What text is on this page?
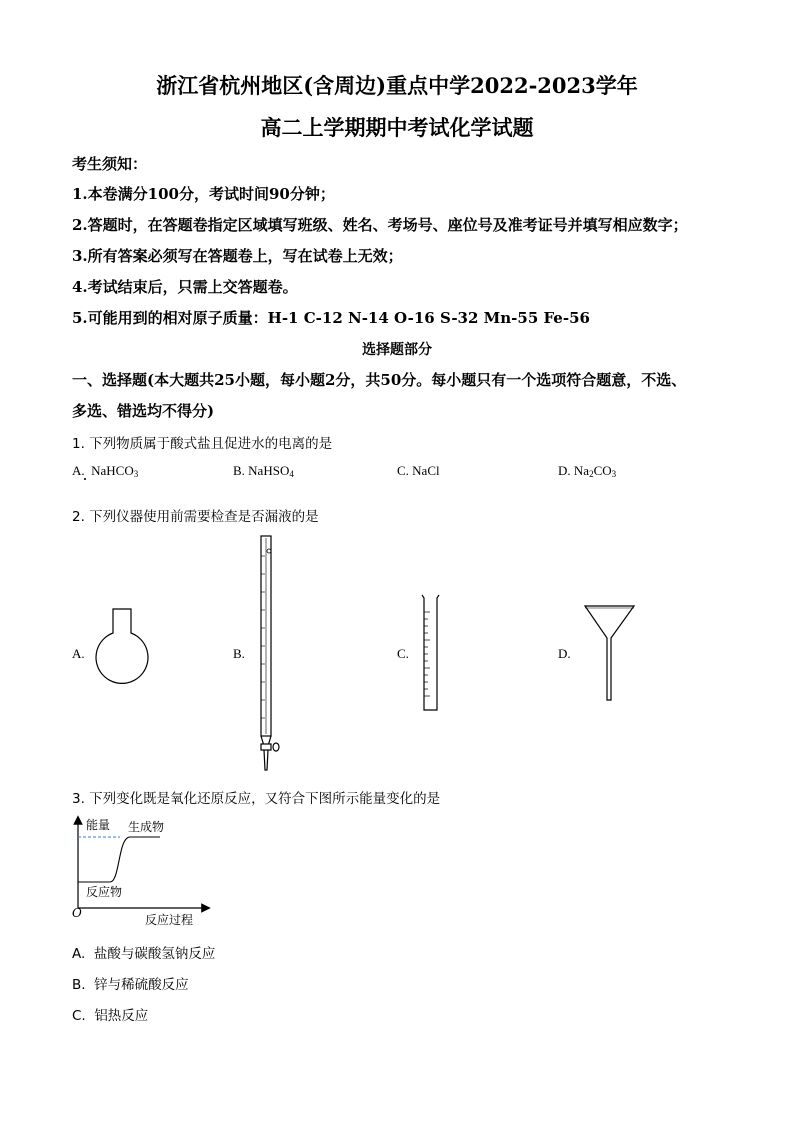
浙江省杭州地区(含周边)重点中学2022-2023学年
高二上学期期中考试化学试题
考生须知：
1.本卷满分100分，考试时间90分钟；
2.答题时，在答题卷指定区域填写班级、姓名、考场号、座位号及准考证号并填写相应数字；
3.所有答案必须写在答题卷上，写在试卷上无效；
4.考试结束后，只需上交答题卷。
5.可能用到的相对原子质量：H-1 C-12 N-14 O-16 S-32 Mn-55 Fe-56
选择题部分
一、选择题(本大题共25小题，每小题2分，共50分。每小题只有一个选项符合题意，不选、
多选、错选均不得分)
1. 下列物质属于酸式盐且促进水的电离的是
A. NaHCO$_3$	B. NaHSO$_4$	C. NaCl	D. $Na_2CO_3$
2. 下列仪器使用前需要检查是否漏液的是
A.	B.	C.	D.
3. 下列变化既是氧化还原反应，又符合下图所示能量变化的是
能量 生成物
反应物
O	反应过程
A. 盐酸与碳酸氢钠反应
B. 锌与稀硫酸反应
C. 铝热反应
